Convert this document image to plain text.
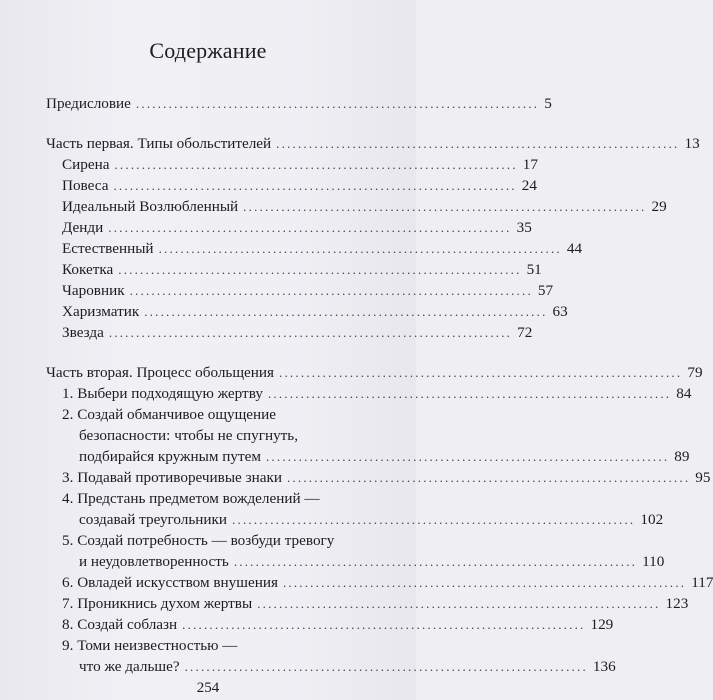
Содержание
Предисловие .......................................................................... 5
Часть первая. Типы обольстителей .......................................................................... 13
Сирена .......................................................................... 17
Повеса .......................................................................... 24
Идеальный Возлюбленный .......................................................................... 29
Денди .......................................................................... 35
Естественный .......................................................................... 44
Кокетка .......................................................................... 51
Чаровник .......................................................................... 57
Харизматик .......................................................................... 63
Звезда .......................................................................... 72
Часть вторая. Процесс обольщения .......................................................................... 79
1. Выбери подходящую жертву .......................................................................... 84
2. Создай обманчивое ощущение
безопасности: чтобы не спугнуть,
подбирайся кружным путем .......................................................................... 89
3. Подавай противоречивые знаки .......................................................................... 95
4. Предстань предметом вожделений —
создавай треугольники .......................................................................... 102
5. Создай потребность — возбуди тревогу
и неудовлетворенность .......................................................................... 110
6. Овладей искусством внушения .......................................................................... 117
7. Проникнись духом жертвы .......................................................................... 123
8. Создай соблазн .......................................................................... 129
9. Томи неизвестностью —
что же дальше? .......................................................................... 136
254
